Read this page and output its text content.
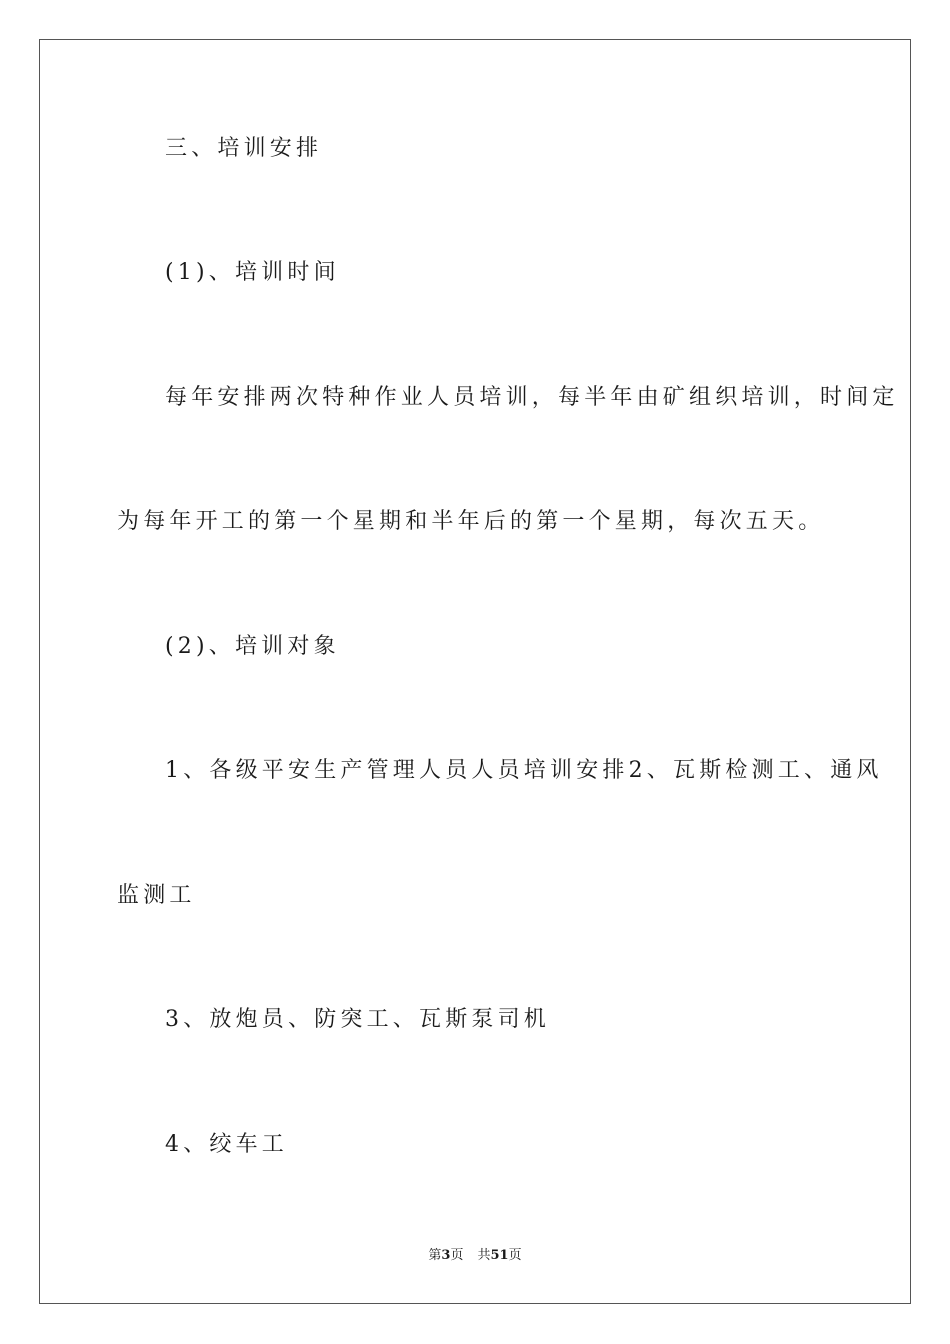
三、培训安排
(1)、培训时间
每年安排两次特种作业人员培训，每半年由矿组织培训，时间定
为每年开工的第一个星期和半年后的第一个星期，每次五天。
(2)、培训对象
1、各级平安生产管理人员人员培训安排2、瓦斯检测工、通风
监测工
3、放炮员、防突工、瓦斯泵司机
4、绞车工
第3页 共51页
